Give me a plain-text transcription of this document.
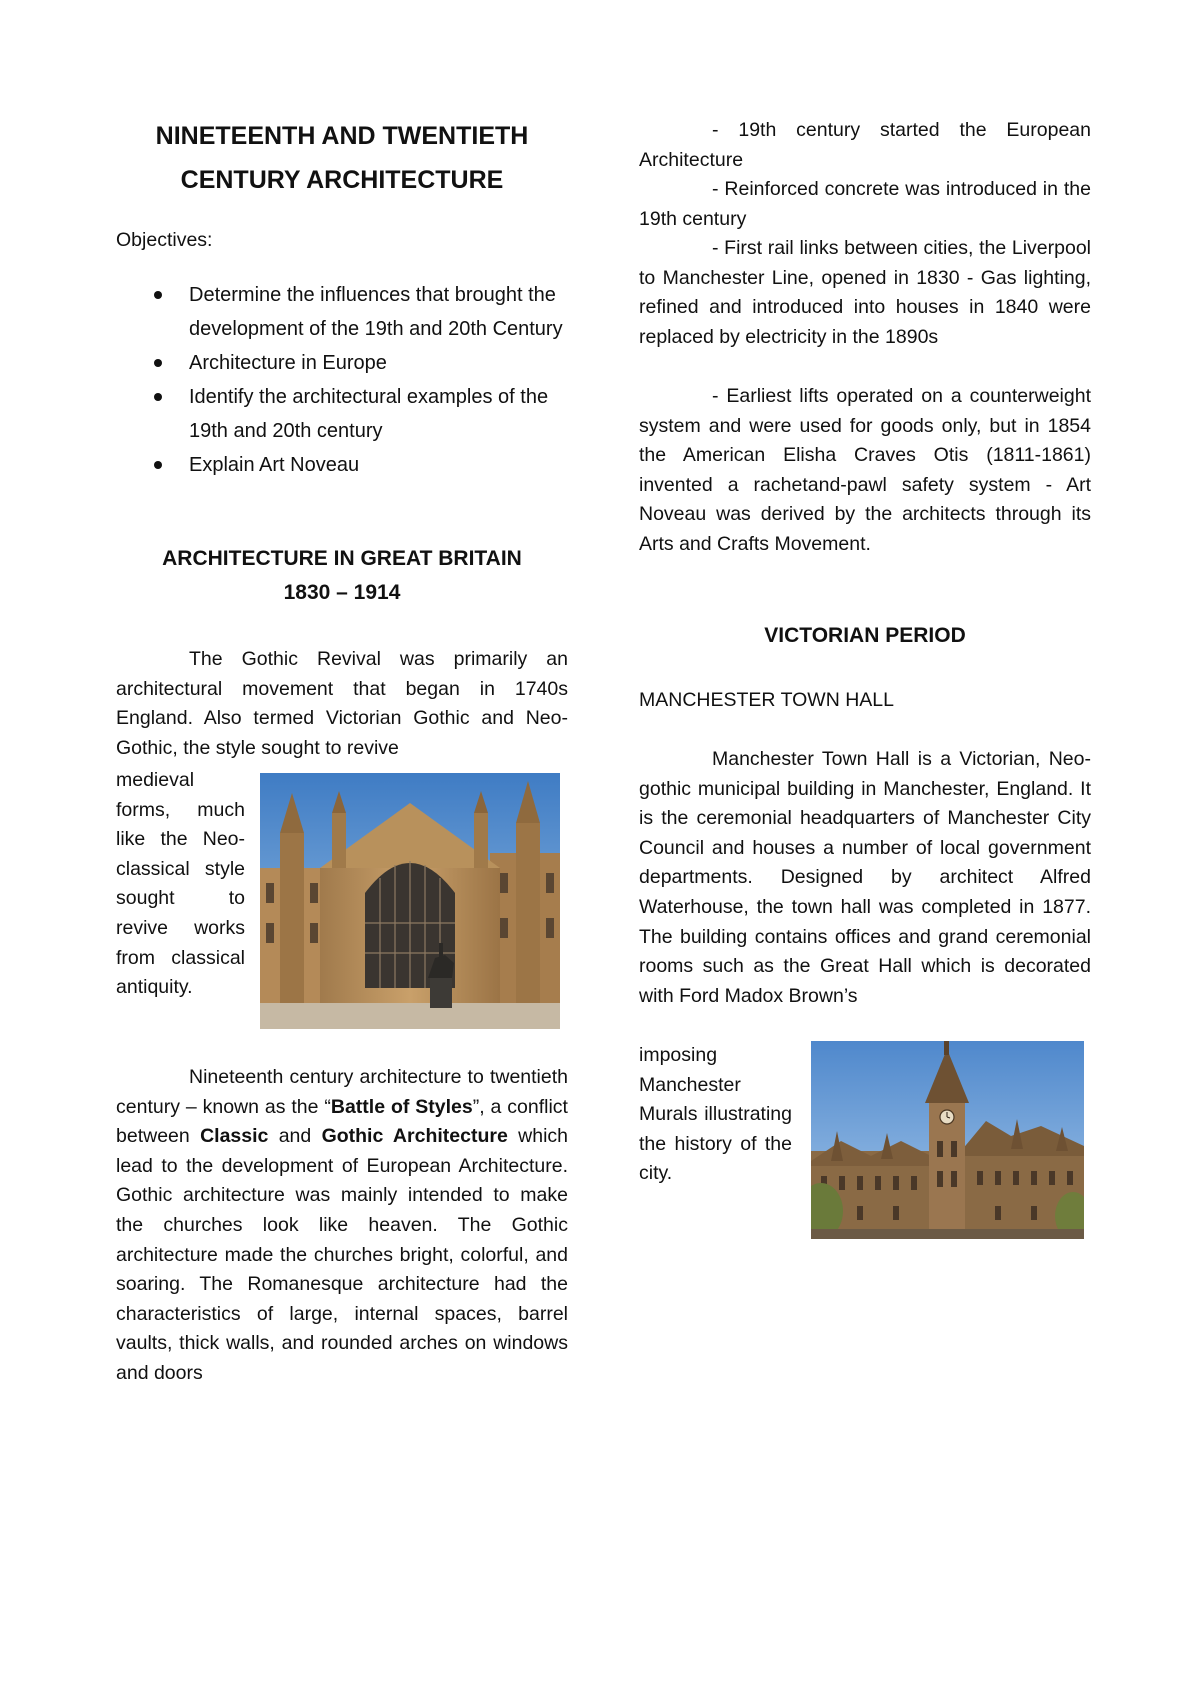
NINETEENTH AND TWENTIETH
CENTURY ARCHITECTURE
Objectives:
Determine the influences that brought the development of the 19th and 20th Century
Architecture in Europe
Identify the architectural examples of the 19th and 20th century
Explain Art Noveau
ARCHITECTURE IN GREAT BRITAIN
1830 – 1914
The Gothic Revival was primarily an architectural movement that began in 1740s England. Also termed Victorian Gothic and Neo-Gothic, the style sought to revive
medieval forms, much like the Neo-classical style sought to revive works from classical antiquity.
Nineteenth century architecture to twentieth century – known as the “Battle of Styles”, a conflict between Classic and Gothic Architecture which lead to the development of European Architecture. Gothic architecture was mainly intended to make the churches look like heaven. The Gothic architecture made the churches bright, colorful, and soaring. The Romanesque architecture had the characteristics of large, internal spaces, barrel vaults, thick walls, and rounded arches on windows and doors
- 19th century started the European Architecture
- Reinforced concrete was introduced in the 19th century
- First rail links between cities, the Liverpool to Manchester Line, opened in 1830 - Gas lighting, refined and introduced into houses in 1840 were replaced by electricity in the 1890s
- Earliest lifts operated on a counterweight system and were used for goods only, but in 1854 the American Elisha Craves Otis (1811-1861) invented a rachetand-pawl safety system - Art Noveau was derived by the architects through its Arts and Crafts Movement.
VICTORIAN PERIOD
MANCHESTER TOWN HALL
Manchester Town Hall is a Victorian, Neo-gothic municipal building in Manchester, England. It is the ceremonial headquarters of Manchester City Council and houses a number of local government departments. Designed by architect Alfred Waterhouse, the town hall was completed in 1877. The building contains offices and grand ceremonial rooms such as the Great Hall which is decorated with Ford Madox Brown’s
imposing Manchester Murals illustrating the history of the city.
